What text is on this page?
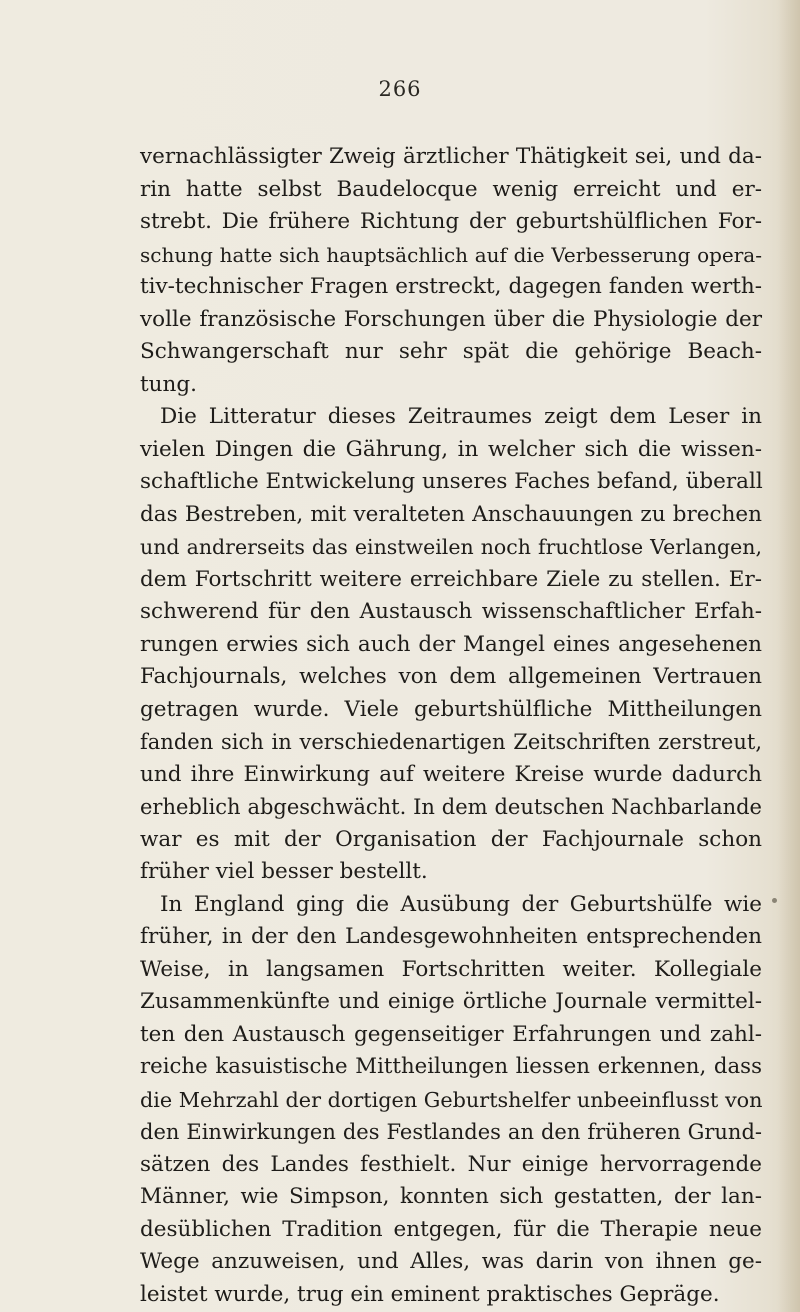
266
vernachlässigter Zweig ärztlicher Thätigkeit sei, und da-
rin hatte selbst Baudelocque wenig erreicht und er-
strebt. Die frühere Richtung der geburtshülflichen For-
schung hatte sich hauptsächlich auf die Verbesserung opera-
tiv-technischer Fragen erstreckt, dagegen fanden werth-
volle französische Forschungen über die Physiologie der
Schwangerschaft nur sehr spät die gehörige Beach-
tung.
Die Litteratur dieses Zeitraumes zeigt dem Leser in
vielen Dingen die Gährung, in welcher sich die wissen-
schaftliche Entwickelung unseres Faches befand, überall
das Bestreben, mit veralteten Anschauungen zu brechen
und andrerseits das einstweilen noch fruchtlose Verlangen,
dem Fortschritt weitere erreichbare Ziele zu stellen. Er-
schwerend für den Austausch wissenschaftlicher Erfah-
rungen erwies sich auch der Mangel eines angesehenen
Fachjournals, welches von dem allgemeinen Vertrauen
getragen wurde. Viele geburtshülfliche Mittheilungen
fanden sich in verschiedenartigen Zeitschriften zerstreut,
und ihre Einwirkung auf weitere Kreise wurde dadurch
erheblich abgeschwächt. In dem deutschen Nachbarlande
war es mit der Organisation der Fachjournale schon
früher viel besser bestellt.
In England ging die Ausübung der Geburtshülfe wie
früher, in der den Landesgewohnheiten entsprechenden
Weise, in langsamen Fortschritten weiter. Kollegiale
Zusammenkünfte und einige örtliche Journale vermittel-
ten den Austausch gegenseitiger Erfahrungen und zahl-
reiche kasuistische Mittheilungen liessen erkennen, dass
die Mehrzahl der dortigen Geburtshelfer unbeeinflusst von
den Einwirkungen des Festlandes an den früheren Grund-
sätzen des Landes festhielt. Nur einige hervorragende
Männer, wie Simpson, konnten sich gestatten, der lan-
desüblichen Tradition entgegen, für die Therapie neue
Wege anzuweisen, und Alles, was darin von ihnen ge-
leistet wurde, trug ein eminent praktisches Gepräge.
